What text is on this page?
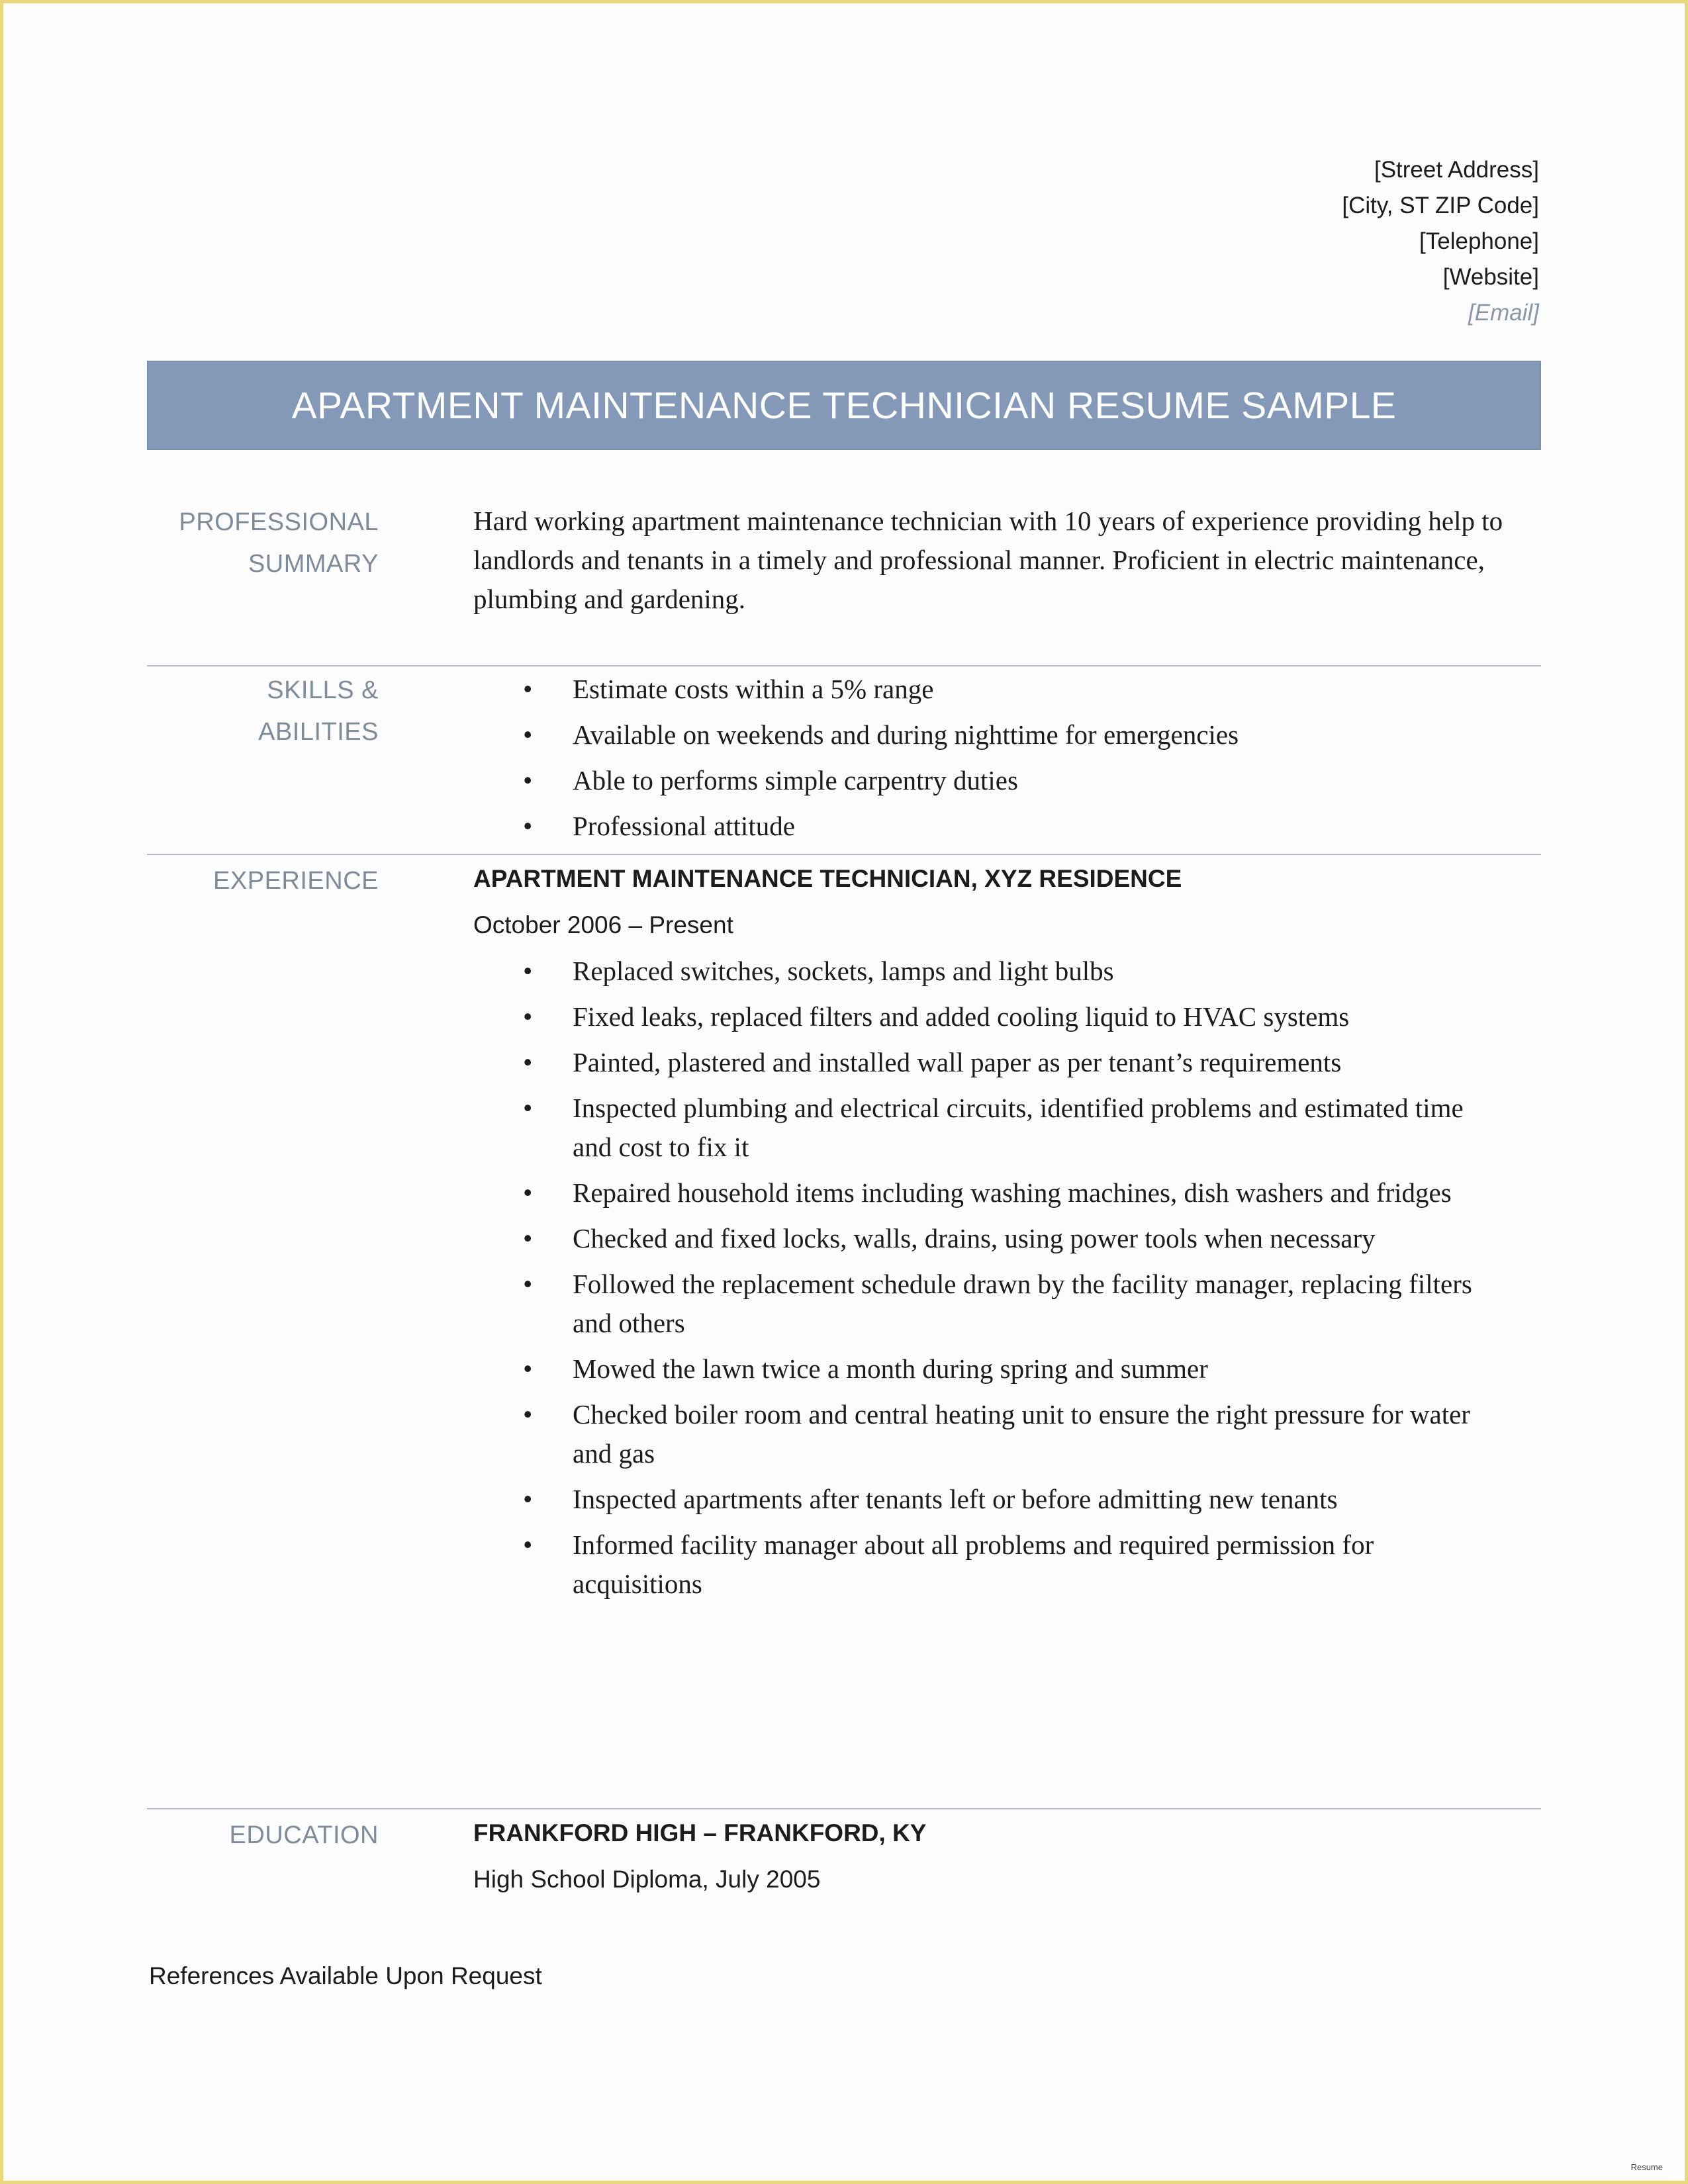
[Street Address]
[City, ST ZIP Code]
[Telephone]
[Website]
[Email]
APARTMENT MAINTENANCE TECHNICIAN RESUME SAMPLE
PROFESSIONAL
SUMMARY
Hard working apartment maintenance technician with 10 years of experience providing help to landlords and tenants in a timely and professional manner. Proficient in electric maintenance, plumbing and gardening.
SKILLS & ABILITIES
• Estimate costs within a 5% range
• Available on weekends and during nighttime for emergencies
• Able to performs simple carpentry duties
• Professional attitude
EXPERIENCE	APARTMENT MAINTENANCE TECHNICIAN, XYZ RESIDENCE
October 2006 – Present
• Replaced switches, sockets, lamps and light bulbs
• Fixed leaks, replaced filters and added cooling liquid to HVAC systems
• Painted, plastered and installed wall paper as per tenant’s requirements
• Inspected plumbing and electrical circuits, identified problems and estimated time and cost to fix it
• Repaired household items including washing machines, dish washers and fridges
• Checked and fixed locks, walls, drains, using power tools when necessary
• Followed the replacement schedule drawn by the facility manager, replacing filters and others
• Mowed the lawn twice a month during spring and summer
• Checked boiler room and central heating unit to ensure the right pressure for water and gas
• Inspected apartments after tenants left or before admitting new tenants
• Informed facility manager about all problems and required permission for acquisitions
EDUCATION	FRANKFORD HIGH – FRANKFORD, KY
High School Diploma, July 2005
References Available Upon Request
Resume
